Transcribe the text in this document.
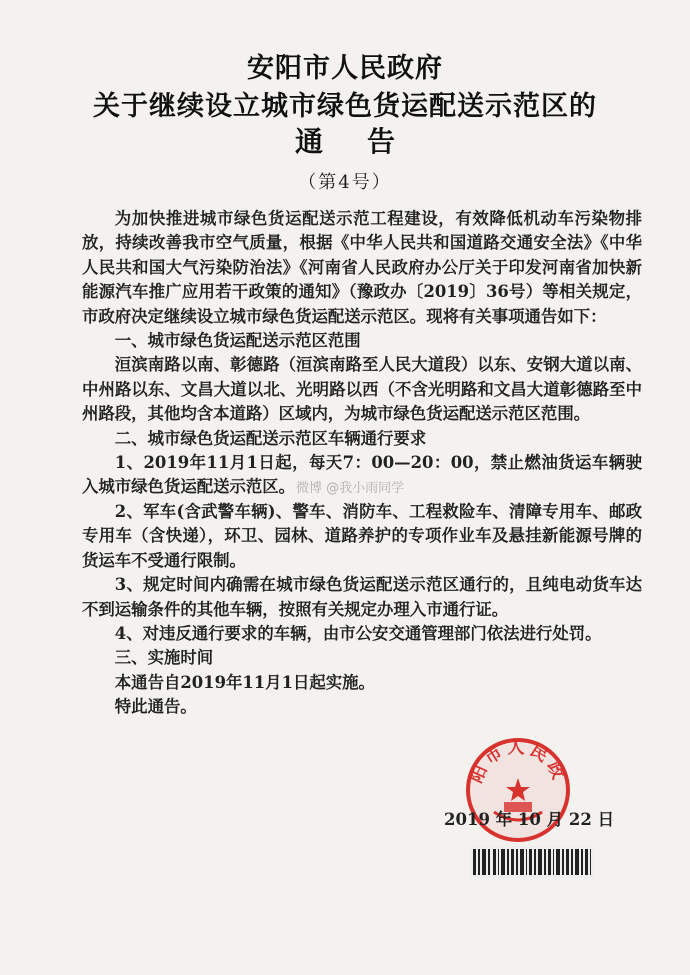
安阳市人民政府
关于继续设立城市绿色货运配送示范区的
通告
（第4号）

为加快推进城市绿色货运配送示范工程建设，有效降低机动车污染物排放，持续改善我市空气质量，根据《中华人民共和国道路交通安全法》《中华人民共和国大气污染防治法》《河南省人民政府办公厅关于印发河南省加快新能源汽车推广应用若干政策的通知》（豫政办〔2019〕36号）等相关规定，市政府决定继续设立城市绿色货运配送示范区。现将有关事项通告如下：

一、城市绿色货运配送示范区范围

洹滨南路以南、彰德路（洹滨南路至人民大道段）以东、安钢大道以南、中州路以东、文昌大道以北、光明路以西（不含光明路和文昌大道彰德路至中州路段，其他均含本道路）区域内，为城市绿色货运配送示范区范围。

二、城市绿色货运配送示范区车辆通行要求

1、2019年11月1日起，每天7：00—20：00，禁止燃油货运车辆驶入城市绿色货运配送示范区。

2、军车(含武警车辆)、警车、消防车、工程救险车、清障专用车、邮政专用车（含快递），环卫、园林、道路养护的专项作业车及悬挂新能源号牌的货运车不受通行限制。

3、规定时间内确需在城市绿色货运配送示范区通行的，且纯电动货车达不到运输条件的其他车辆，按照有关规定办理入市通行证。

4、对违反通行要求的车辆，由市公安交通管理部门依法进行处罚。

三、实施时间

本通告自2019年11月1日起实施。

特此通告。

微博 @我小雨同学
阳市人民政
2019 年 10 月 22 日
